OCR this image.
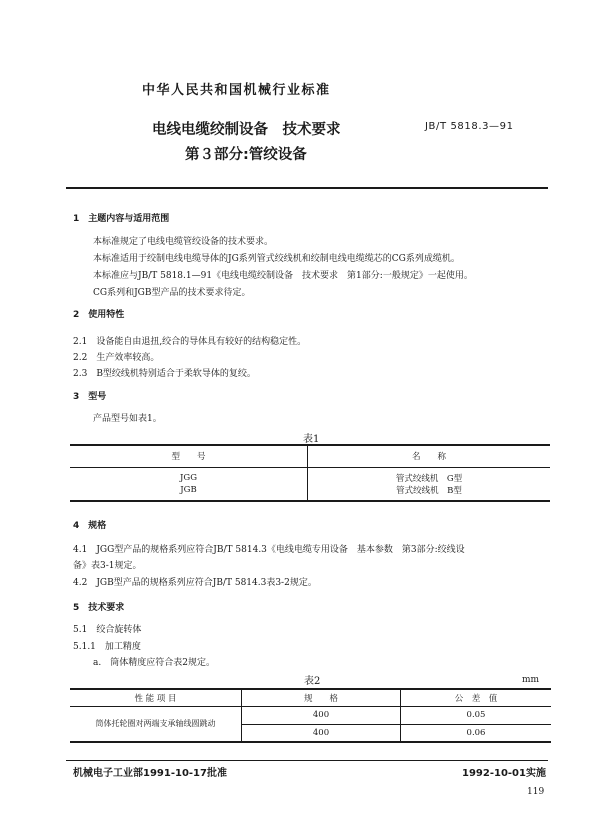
中华人民共和国机械行业标准
电线电缆绞制设备　技术要求
第３部分:管绞设备
JB/T 5818.3—91
1　主题内容与适用范围
本标准规定了电线电缆管绞设备的技术要求。
本标准适用于绞制电线电缆导体的JG系列管式绞线机和绞制电线电缆缆芯的CG系列成缆机。
本标准应与JB/T 5818.1—91《电线电缆绞制设备　技术要求　第1部分:一般规定》一起使用。
CG系列和JGB型产品的技术要求待定。
2　使用特性
2.1　设备能自由退扭,绞合的导体具有较好的结构稳定性。
2.2　生产效率较高。
2.3　B型绞线机特别适合于柔软导体的复绞。
3　型号
产品型号如表1。
表1
型　　号	名　　称
JGG	管式绞线机　G型
JGB	管式绞线机　B型
4　规格
4.1　JGG型产品的规格系列应符合JB/T 5814.3《电线电缆专用设备　基本参数　第3部分:绞线设
备》表3-1规定。
4.2　JGB型产品的规格系列应符合JB/T 5814.3表3-2规定。
5　技术要求
5.1　绞合旋转体
5.1.1　加工精度
a.　筒体精度应符合表2规定。
表2	mm
性 能 项 目	规　　格	公　差　值
筒体托轮圈对两端支承轴线圆跳动	400	0.05
	400	0.06
机械电子工业部1991-10-17批准	1992-10-01实施
119
